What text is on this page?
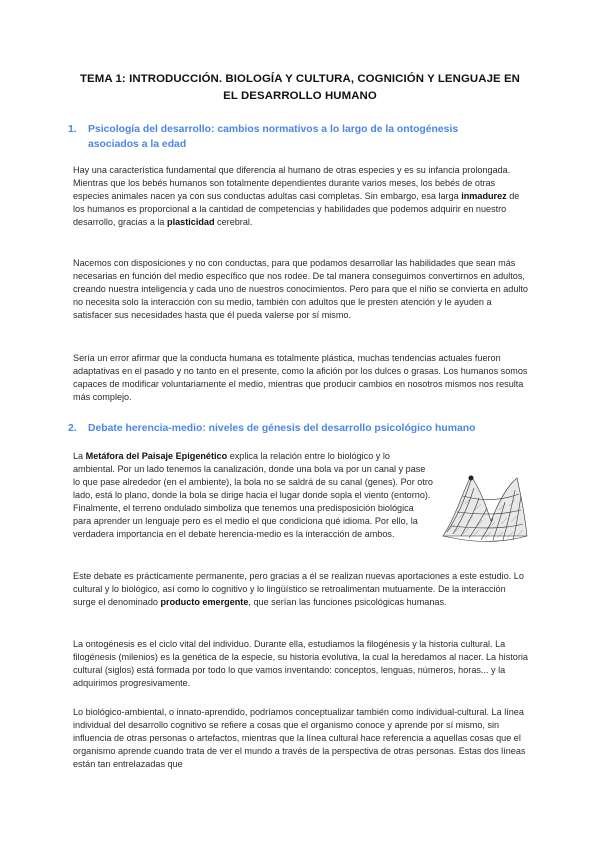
TEMA 1: INTRODUCCIÓN. BIOLOGÍA Y CULTURA, COGNICIÓN Y LENGUAJE EN
EL DESARROLLO HUMANO
1. Psicología del desarrollo: cambios normativos a lo largo de la ontogénesis
asociados a la edad
Hay una característica fundamental que diferencia al humano de otras especies y es su infancia prolongada. Mientras que los bebés humanos son totalmente dependientes durante varios meses, los bebés de otras especies animales nacen ya con sus conductas adultas casi completas. Sin embargo, esa larga inmadurez de los humanos es proporcional a la cantidad de competencias y habilidades que podemos adquirir en nuestro desarrollo, gracias a la plasticidad cerebral.
Nacemos con disposiciones y no con conductas, para que podamos desarrollar las habilidades que sean más necesarias en función del medio específico que nos rodee. De tal manera conseguimos convertirnos en adultos, creando nuestra inteligencia y cada uno de nuestros conocimientos. Pero para que el niño se convierta en adulto no necesita solo la interacción con su medio, también con adultos que le presten atención y le ayuden a satisfacer sus necesidades hasta que él pueda valerse por sí mismo.
Sería un error afirmar que la conducta humana es totalmente plástica, muchas tendencias actuales fueron adaptativas en el pasado y no tanto en el presente, como la afición por los dulces o grasas. Los humanos somos capaces de modificar voluntariamente el medio, mientras que producir cambios en nosotros mismos nos resulta más complejo.
2. Debate herencia-medio: niveles de génesis del desarrollo psicológico humano
La Metáfora del Paisaje Epigenético explica la relación entre lo biológico y lo ambiental. Por un lado tenemos la canalización, donde una bola va por un canal y pase lo que pase alrededor (en el ambiente), la bola no se saldrá de su canal (genes). Por otro lado, está lo plano, donde la bola se dirige hacia el lugar donde sopla el viento (entorno). Finalmente, el terreno ondulado simboliza que tenemos una predisposición biológica para aprender un lenguaje pero es el medio el que condiciona qué idioma. Por ello, la verdadera importancia en el debate herencia-medio es la interacción de ambos.
Este debate es prácticamente permanente, pero gracias a él se realizan nuevas aportaciones a este estudio. Lo cultural y lo biológico, así como lo cognitivo y lo lingüístico se retroalimentan mutuamente. De la interacción surge el denominado producto emergente, que serían las funciones psicológicas humanas.
La ontogénesis es el ciclo vital del individuo. Durante ella, estudiamos la filogénesis y la historia cultural. La filogénesis (milenios) es la genética de la especie, su historia evolutiva, la cual la heredamos al nacer. La historia cultural (siglos) está formada por todo lo que vamos inventando: conceptos, lenguas, números, horas... y la adquirimos progresivamente.
Lo biológico-ambiental, o innato-aprendido, podríamos conceptualizar también como individual-cultural. La línea individual del desarrollo cognitivo se refiere a cosas que el organismo conoce y aprende por sí mismo, sin influencia de otras personas o artefactos, mientras que la línea cultural hace referencia a aquellas cosas que el organismo aprende cuando trata de ver el mundo a través de la perspectiva de otras personas. Estas dos líneas están tan entrelazadas que
